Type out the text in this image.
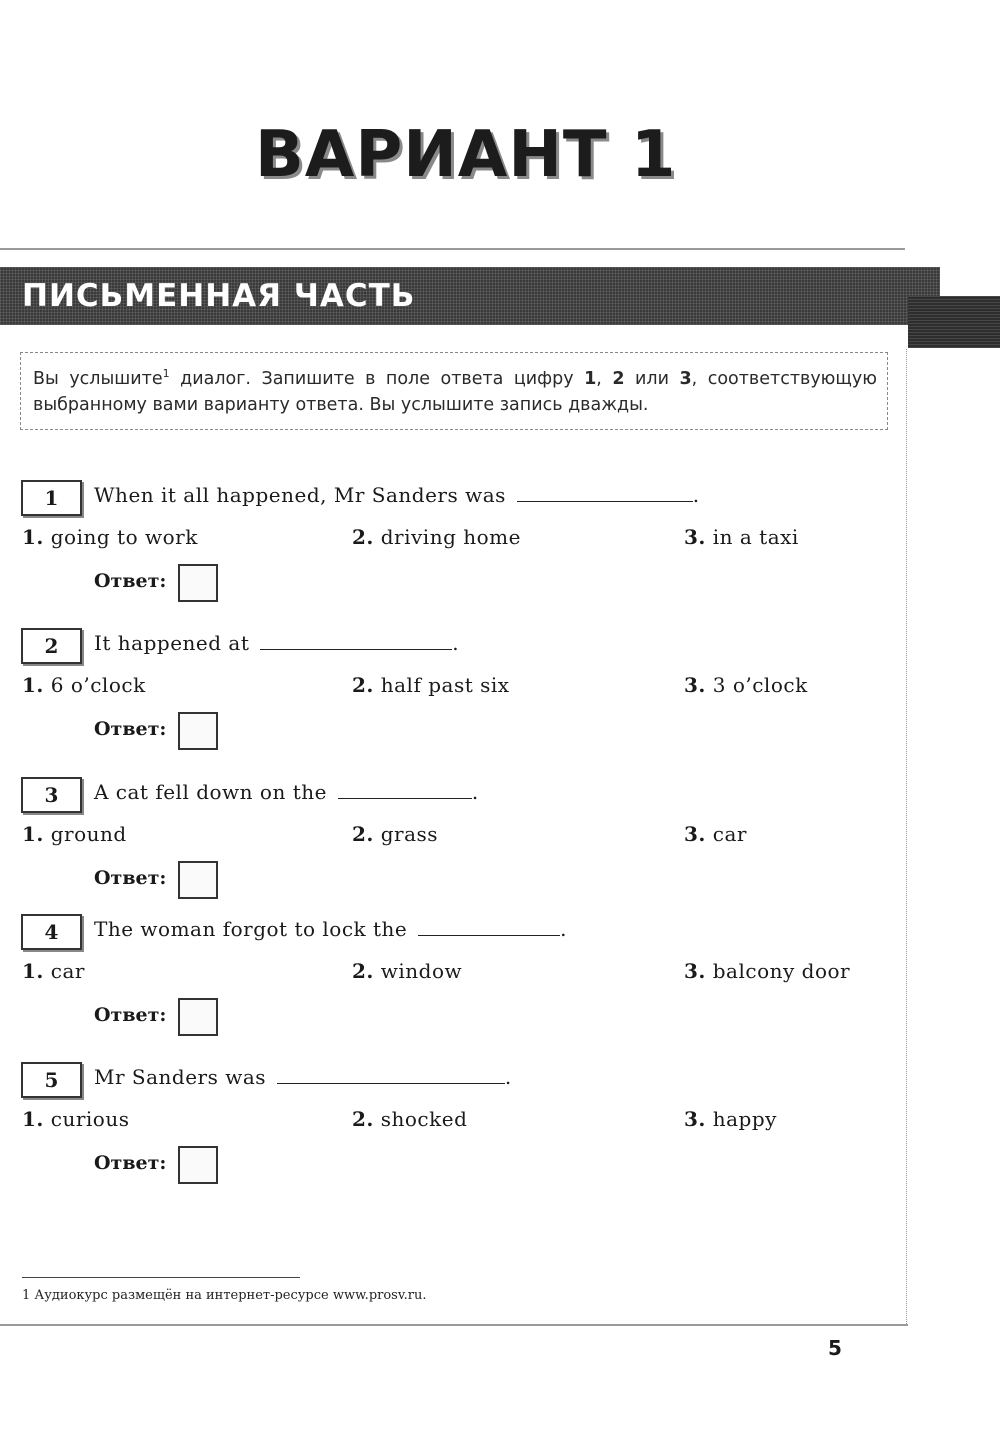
ВАРИАНТ 1
ПИСЬМЕННАЯ ЧАСТЬ
Вы услышите$^1$ диалог. Запишите в поле ответа цифру 1, 2 или 3, соответствующую выбранному вами варианту ответа. Вы услышите запись дважды.
1	When it all happened, Mr Sanders was	.
1. going to work	2. driving home	3. in a taxi
Ответ:
2	It happened at	.
1. 6 o’clock	2. half past six	3. 3 o’clock
Ответ:
3	A cat fell down on the	.
1. ground	2. grass	3. car
Ответ:
4	The woman forgot to lock the	.
1. car	2. window	3. balcony door
Ответ:
5	Mr Sanders was	.
1. curious	2. shocked	3. happy
Ответ:
1 Аудиокурс размещён на интернет-ресурсе www.prosv.ru.
5
